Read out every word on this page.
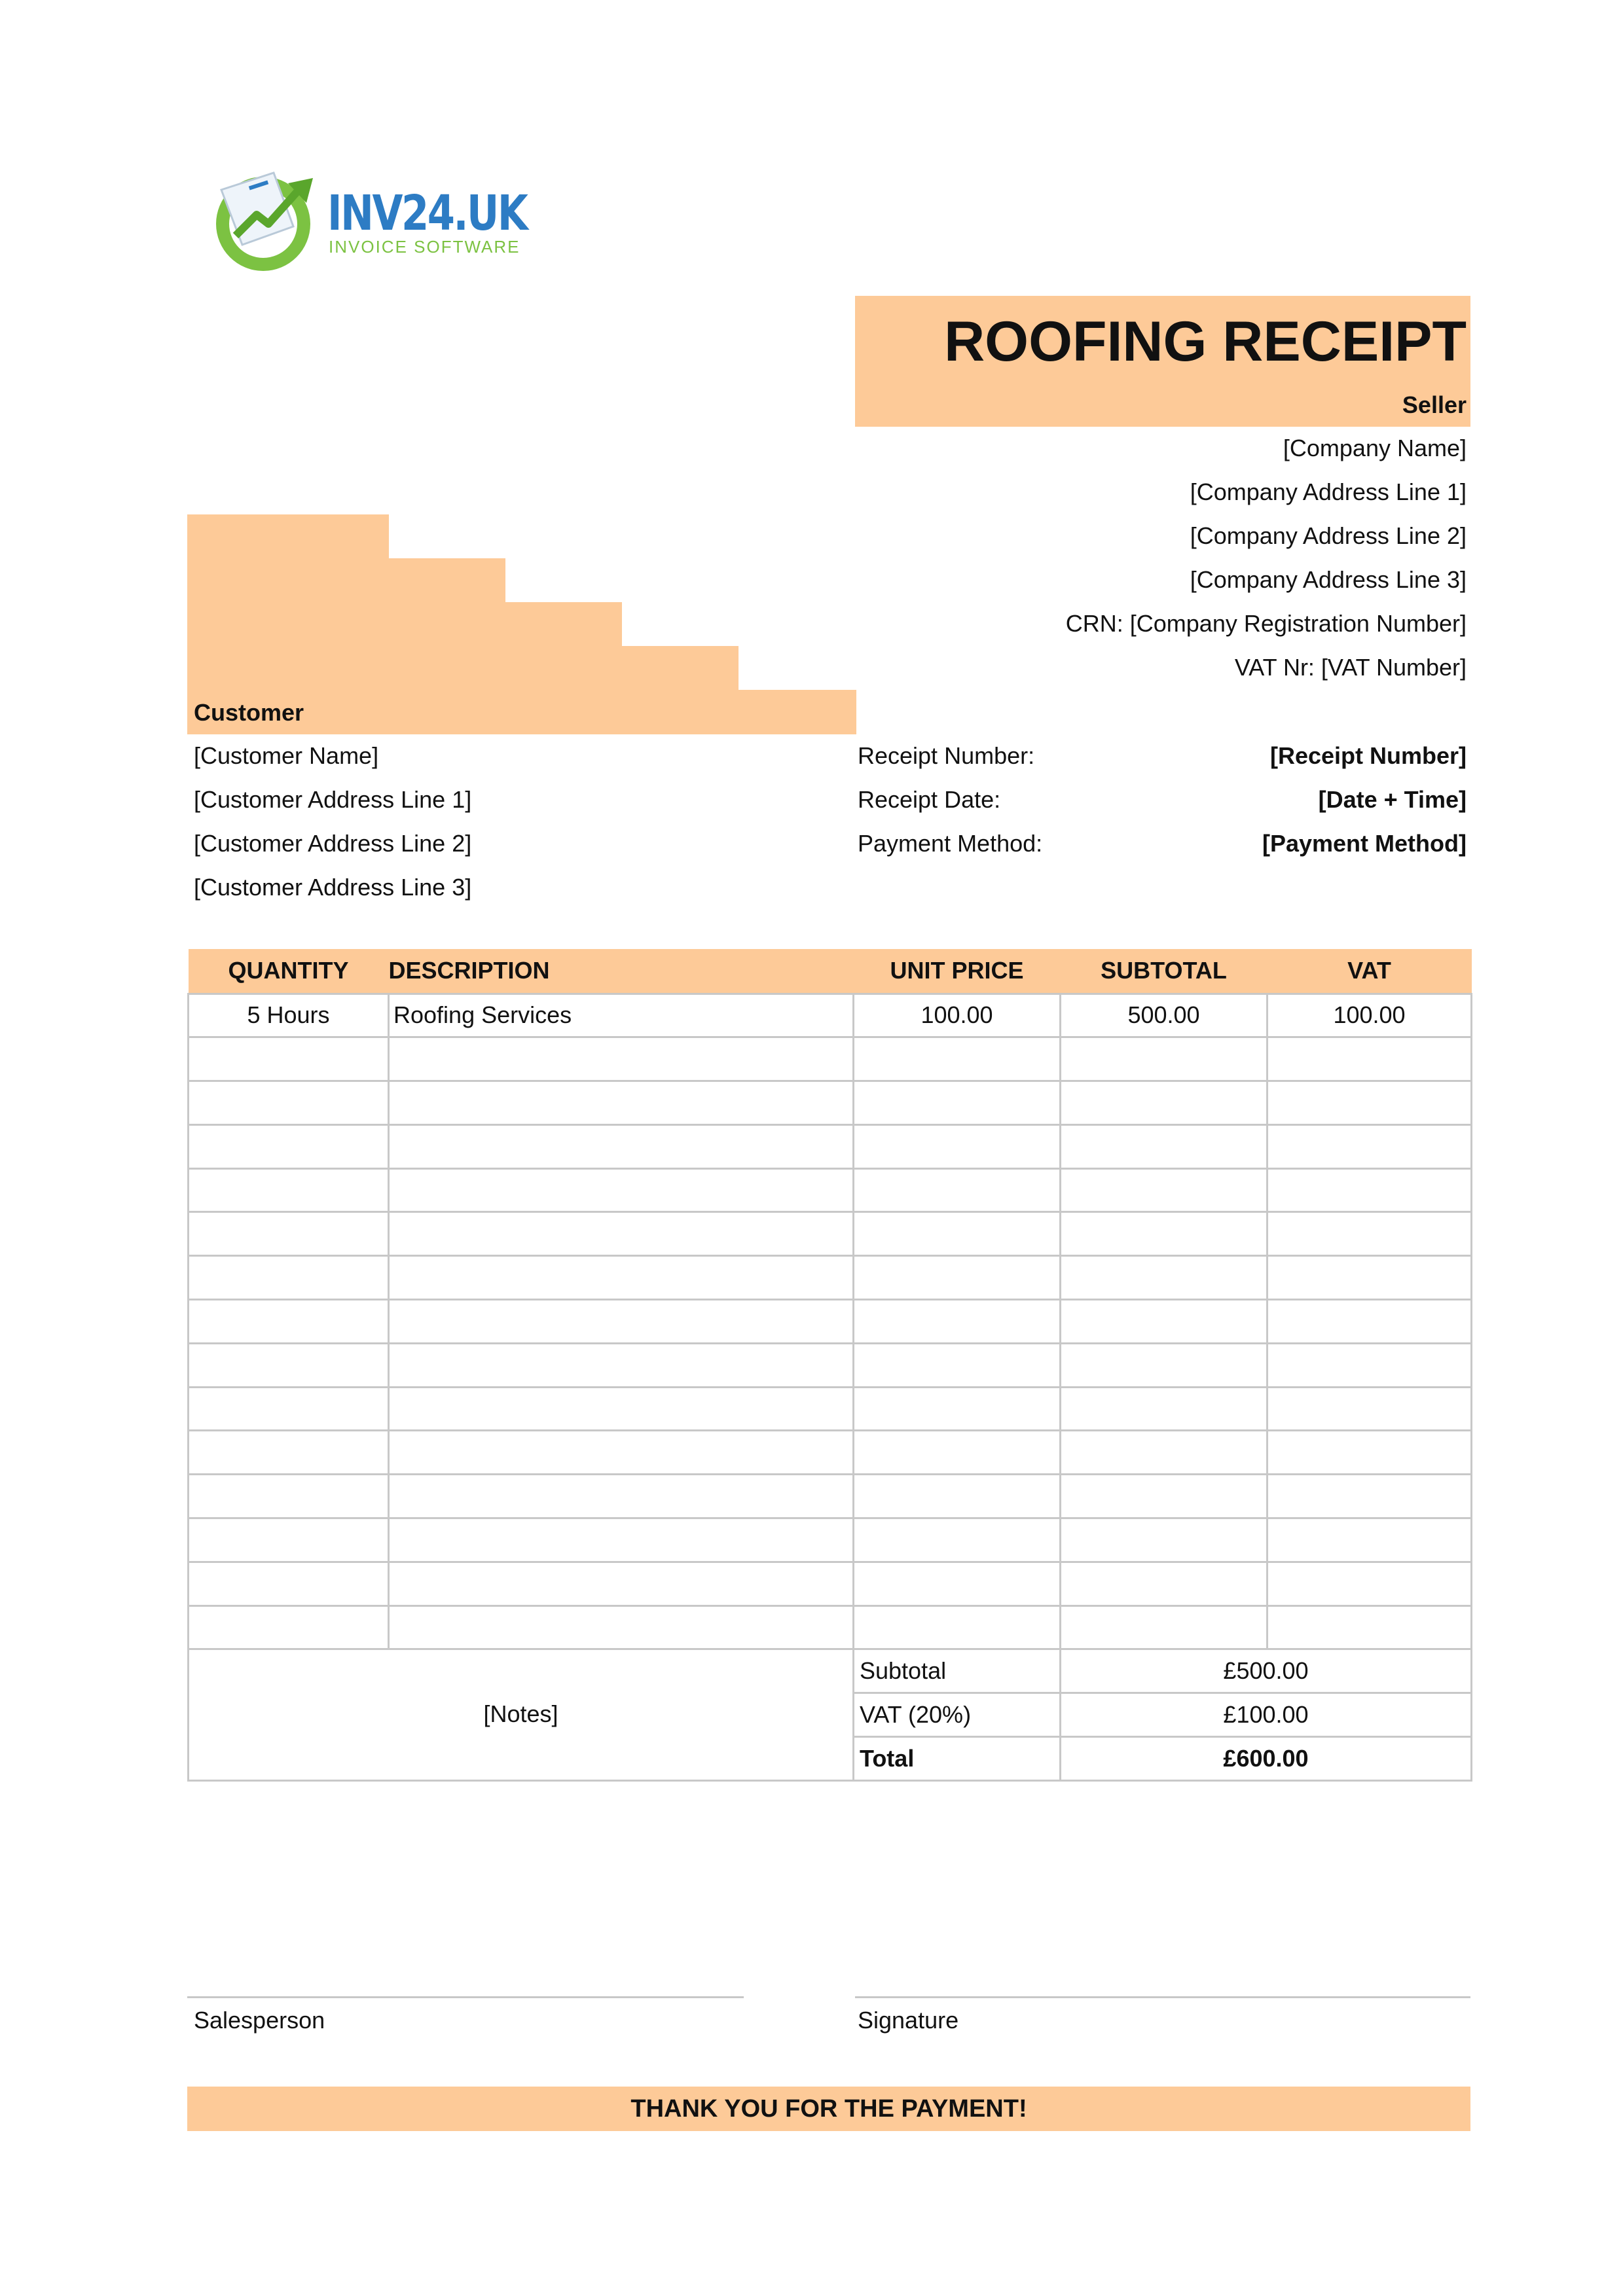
INV24.UK
INVOICE SOFTWARE
ROOFING RECEIPT
Seller
[Company Name]
[Company Address Line 1]
[Company Address Line 2]
[Company Address Line 3]
CRN: [Company Registration Number]
VAT Nr: [VAT Number]
Customer
[Customer Name]
[Customer Address Line 1]
[Customer Address Line 2]
[Customer Address Line 3]
Receipt Number:	[Receipt Number]
Receipt Date:	[Date + Time]
Payment Method:	[Payment Method]
QUANTITY	DESCRIPTION	UNIT PRICE	SUBTOTAL	VAT
5 Hours	Roofing Services	100.00	500.00	100.00

[Notes]	Subtotal	£500.00
	VAT (20%)	£100.00
	Total	£600.00
Salesperson	Signature
THANK YOU FOR THE PAYMENT!
